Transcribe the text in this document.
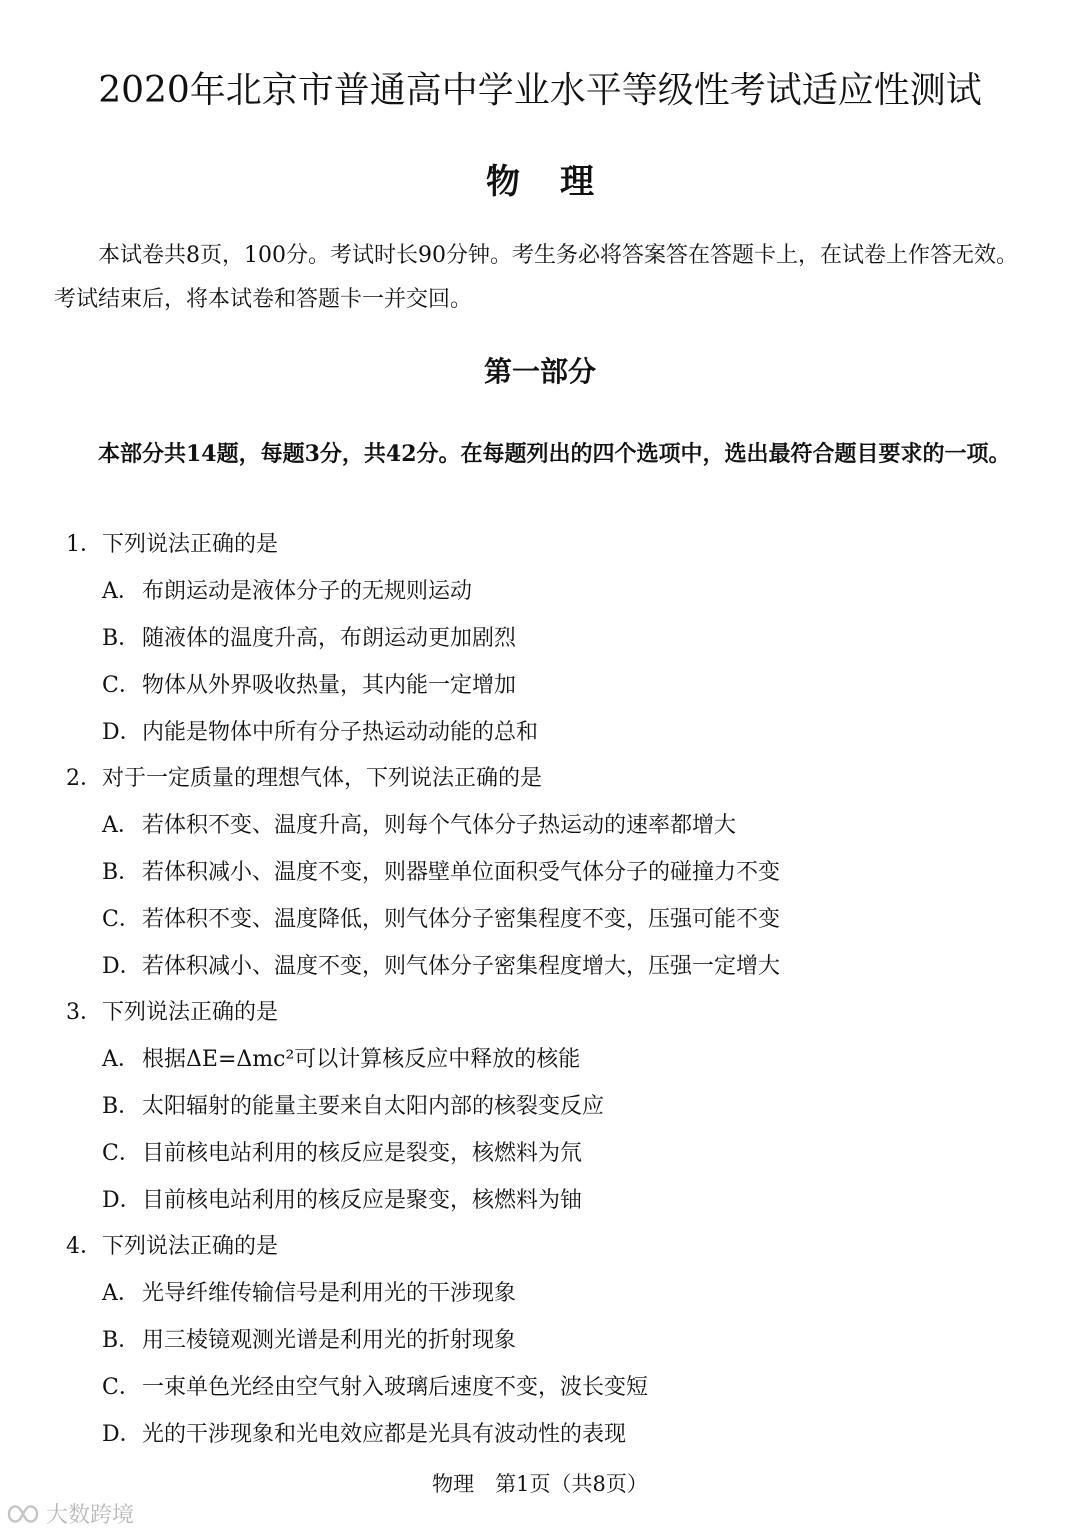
2020年北京市普通高中学业水平等级性考试适应性测试
物理
本试卷共8页，100分。考试时长90分钟。考生务必将答案答在答题卡上，在试卷上作答无效。考试结束后，将本试卷和答题卡一并交回。
第一部分
本部分共14题，每题3分，共42分。在每题列出的四个选项中，选出最符合题目要求的一项。
1．下列说法正确的是
A．布朗运动是液体分子的无规则运动
B．随液体的温度升高，布朗运动更加剧烈
C．物体从外界吸收热量，其内能一定增加
D．内能是物体中所有分子热运动动能的总和
2．对于一定质量的理想气体，下列说法正确的是
A．若体积不变、温度升高，则每个气体分子热运动的速率都增大
B．若体积减小、温度不变，则器壁单位面积受气体分子的碰撞力不变
C．若体积不变、温度降低，则气体分子密集程度不变，压强可能不变
D．若体积减小、温度不变，则气体分子密集程度增大，压强一定增大
3．下列说法正确的是
A．根据ΔE=Δmc²可以计算核反应中释放的核能
B．太阳辐射的能量主要来自太阳内部的核裂变反应
C．目前核电站利用的核反应是裂变，核燃料为氘
D．目前核电站利用的核反应是聚变，核燃料为铀
4．下列说法正确的是
A．光导纤维传输信号是利用光的干涉现象
B．用三棱镜观测光谱是利用光的折射现象
C．一束单色光经由空气射入玻璃后速度不变，波长变短
D．光的干涉现象和光电效应都是光具有波动性的表现
物理　第1页（共8页）
大数跨境
